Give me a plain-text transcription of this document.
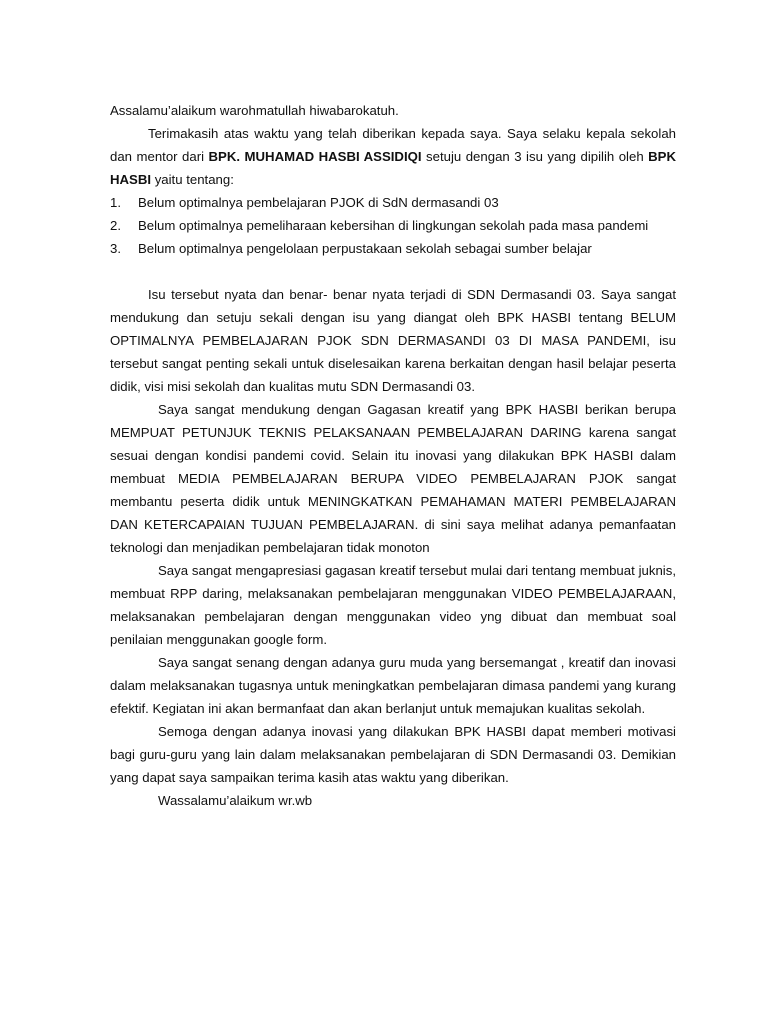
Assalamu’alaikum warohmatullah hiwabarokatuh.

Terimakasih atas waktu yang telah diberikan kepada saya. Saya selaku kepala sekolah dan mentor dari BPK. MUHAMAD HASBI ASSIDIQI setuju dengan 3 isu yang dipilih oleh BPK HASBI yaitu tentang:

1. Belum optimalnya pembelajaran PJOK di SdN dermasandi 03
2. Belum optimalnya pemeliharaan kebersihan di lingkungan sekolah pada masa pandemi
3. Belum optimalnya pengelolaan perpustakaan sekolah sebagai sumber belajar

Isu tersebut nyata dan benar- benar nyata terjadi di SDN Dermasandi 03. Saya sangat mendukung dan setuju sekali dengan isu yang diangat oleh BPK HASBI tentang BELUM OPTIMALNYA PEMBELAJARAN PJOK SDN DERMASANDI 03 DI MASA PANDEMI, isu tersebut sangat penting sekali untuk diselesaikan karena berkaitan dengan hasil belajar peserta didik, visi misi sekolah dan kualitas mutu SDN Dermasandi 03.

Saya sangat mendukung dengan Gagasan kreatif yang BPK HASBI berikan berupa MEMPUAT PETUNJUK TEKNIS PELAKSANAAN PEMBELAJARAN DARING karena sangat sesuai dengan kondisi pandemi covid. Selain itu inovasi yang dilakukan BPK HASBI dalam membuat MEDIA PEMBELAJARAN BERUPA VIDEO PEMBELAJARAN PJOK sangat membantu peserta didik untuk MENINGKATKAN PEMAHAMAN MATERI PEMBELAJARAN DAN KETERCAPAIAN TUJUAN PEMBELAJARAN. di sini saya melihat adanya pemanfaatan teknologi dan menjadikan pembelajaran tidak monoton

Saya sangat mengapresiasi gagasan kreatif tersebut mulai dari tentang membuat juknis, membuat RPP daring, melaksanakan pembelajaran menggunakan VIDEO PEMBELAJARAAN, melaksanakan pembelajaran dengan menggunakan video yng dibuat dan membuat soal penilaian menggunakan google form.

Saya sangat senang dengan adanya guru muda yang bersemangat , kreatif dan inovasi dalam melaksanakan tugasnya untuk meningkatkan pembelajaran dimasa pandemi yang kurang efektif. Kegiatan ini akan bermanfaat dan akan berlanjut untuk memajukan kualitas sekolah.

Semoga dengan adanya inovasi yang dilakukan BPK HASBI dapat memberi motivasi bagi guru-guru yang lain dalam melaksanakan pembelajaran di SDN Dermasandi 03. Demikian yang dapat saya sampaikan terima kasih atas waktu yang diberikan.

Wassalamu’alaikum wr.wb
